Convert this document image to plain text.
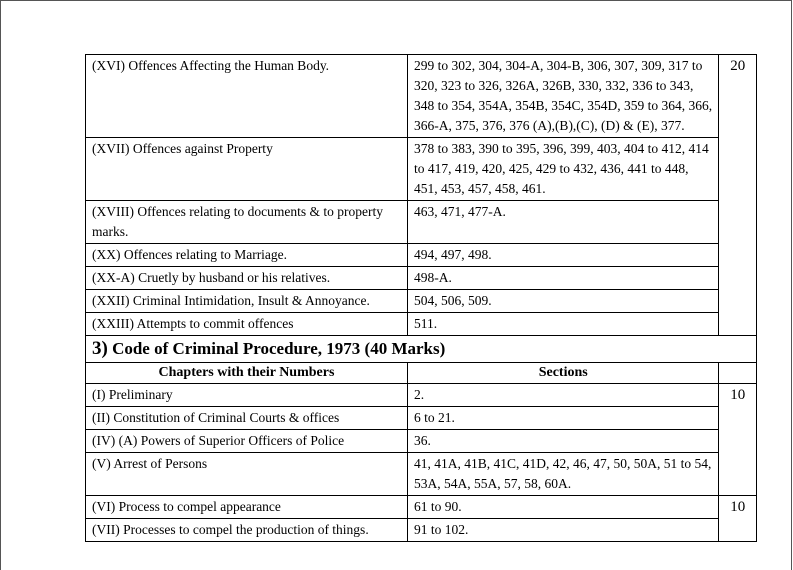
(XVI) Offences Affecting the Human Body.	299 to 302, 304, 304-A, 304-B, 306, 307, 309, 317 to 320, 323 to 326, 326A, 326B, 330, 332, 336 to 343, 348 to 354, 354A, 354B, 354C, 354D, 359 to 364, 366, 366-A, 375, 376, 376 (A),(B),(C), (D) & (E), 377.	20
(XVII) Offences against Property	378 to 383, 390 to 395, 396, 399, 403, 404 to 412, 414 to 417, 419, 420, 425, 429 to 432, 436, 441 to 448, 451, 453, 457, 458, 461.	
(XVIII) Offences relating to documents & to property marks.	463, 471, 477-A.	
(XX) Offences relating to Marriage.	494, 497, 498.	
(XX-A) Cruetly by husband or his relatives.	498-A.	
(XXII) Criminal Intimidation, Insult & Annoyance.	504, 506, 509.	
(XXIII) Attempts to commit offences	511.	
3) Code of Criminal Procedure, 1973 (40 Marks)		
Chapters with their Numbers	Sections	
(I) Preliminary	2.	10
(II) Constitution of Criminal Courts & offices	6 to 21.	
(IV) (A) Powers of Superior Officers of Police	36.	
(V) Arrest of Persons	41, 41A, 41B, 41C, 41D, 42, 46, 47, 50, 50A, 51 to 54, 53A, 54A, 55A, 57, 58, 60A.	
(VI) Process to compel appearance	61 to 90.	10
(VII) Processes to compel the production of things.	91 to 102.	
